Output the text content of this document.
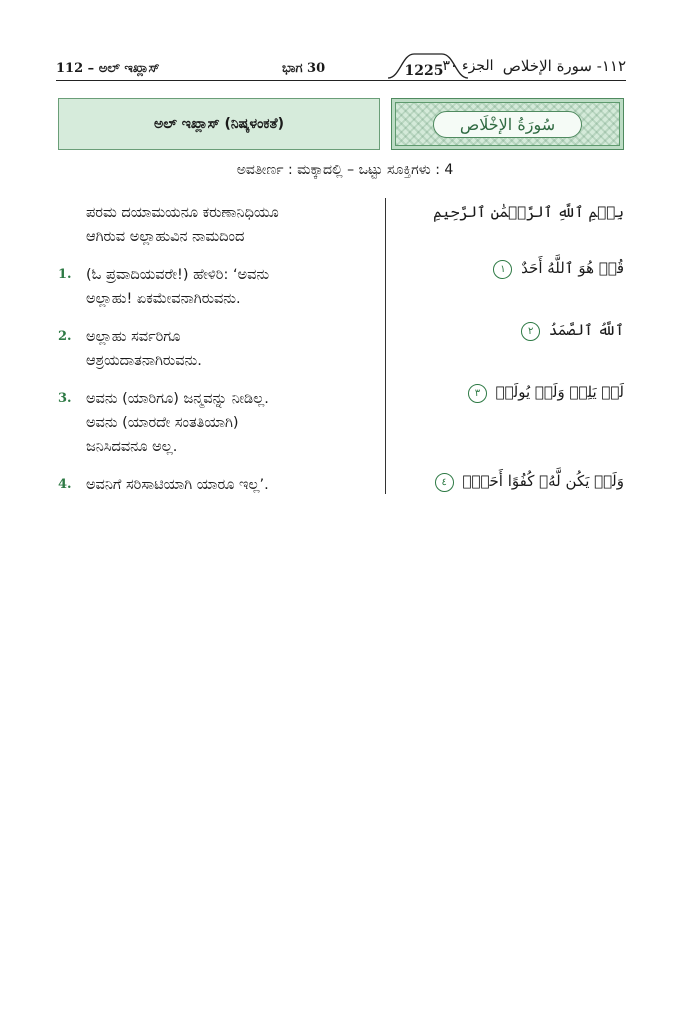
112 – ಅಲ್ ಇಖ್ಲಾಸ್	ಭಾಗ 30	1225 الجزء ٣٠ ١١٢- سورة الإخلاص
ಅಲ್ ಇಖ್ಲಾಸ್ (ನಿಷ್ಕಳಂಕತೆ)	سُورَةُ الإخْلَاص
ಅವತೀರ್ಣ : ಮಕ್ಕಾದಲ್ಲಿ – ಒಟ್ಟು ಸೂಕ್ತಿಗಳು : 4
ಪರಮ ದಯಾಮಯನೂ ಕರುಣಾನಿಧಿಯೂ
ಆಗಿರುವ ಅಲ್ಲಾಹುವಿನ ನಾಮದಿಂದ
1. (ಓ ಪ್ರವಾದಿಯವರೇ!) ಹೇಳಿರಿ: ‘ಅವನು
ಅಲ್ಲಾಹು! ಏಕಮೇವನಾಗಿರುವನು.
2. ಅಲ್ಲಾಹು ಸರ್ವರಿಗೂ
ಆಶ್ರಯದಾತನಾಗಿರುವನು.
3. ಅವನು (ಯಾರಿಗೂ) ಜನ್ಮವನ್ನು ನೀಡಿಲ್ಲ.
ಅವನು (ಯಾರದೇ ಸಂತತಿಯಾಗಿ)
ಜನಿಸಿದವನೂ ಅಲ್ಲ.
4. ಅವನಿಗೆ ಸರಿಸಾಟಿಯಾಗಿ ಯಾರೂ ಇಲ್ಲ’.
بِسۡمِ ٱللَّهِ ٱلرَّحۡمَٰنِ ٱلرَّحِيمِ
قُلۡ هُوَ ٱللَّهُ أَحَدٌ ١
ٱللَّهُ ٱلصَّمَدُ ٢
لَمۡ يَلِدۡ وَلَمۡ يُولَدۡ ٣
وَلَمۡ يَكُن لَّهُۥ كُفُوًا أَحَدُۢ ٤
